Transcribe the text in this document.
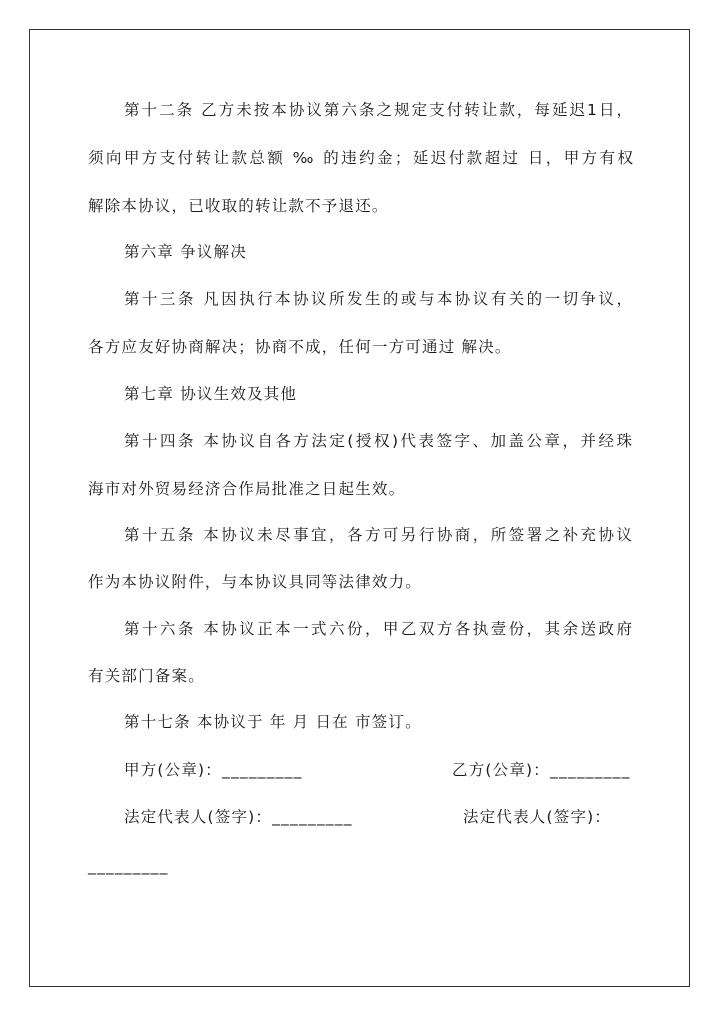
第十二条 乙方未按本协议第六条之规定支付转让款，每延迟1日，
须向甲方支付转让款总额 ‰ 的违约金；延迟付款超过 日，甲方有权
解除本协议，已收取的转让款不予退还。
第六章 争议解决
第十三条 凡因执行本协议所发生的或与本协议有关的一切争议，
各方应友好协商解决；协商不成，任何一方可通过 解决。
第七章 协议生效及其他
第十四条 本协议自各方法定(授权)代表签字、加盖公章，并经珠
海市对外贸易经济合作局批准之日起生效。
第十五条 本协议未尽事宜，各方可另行协商，所签署之补充协议
作为本协议附件，与本协议具同等法律效力。
第十六条 本协议正本一式六份，甲乙双方各执壹份，其余送政府
有关部门备案。
第十七条 本协议于 年 月 日在 市签订。
甲方(公章)：_________	乙方(公章)：_________
法定代表人(签字)：_________	法定代表人(签字)：
_________
